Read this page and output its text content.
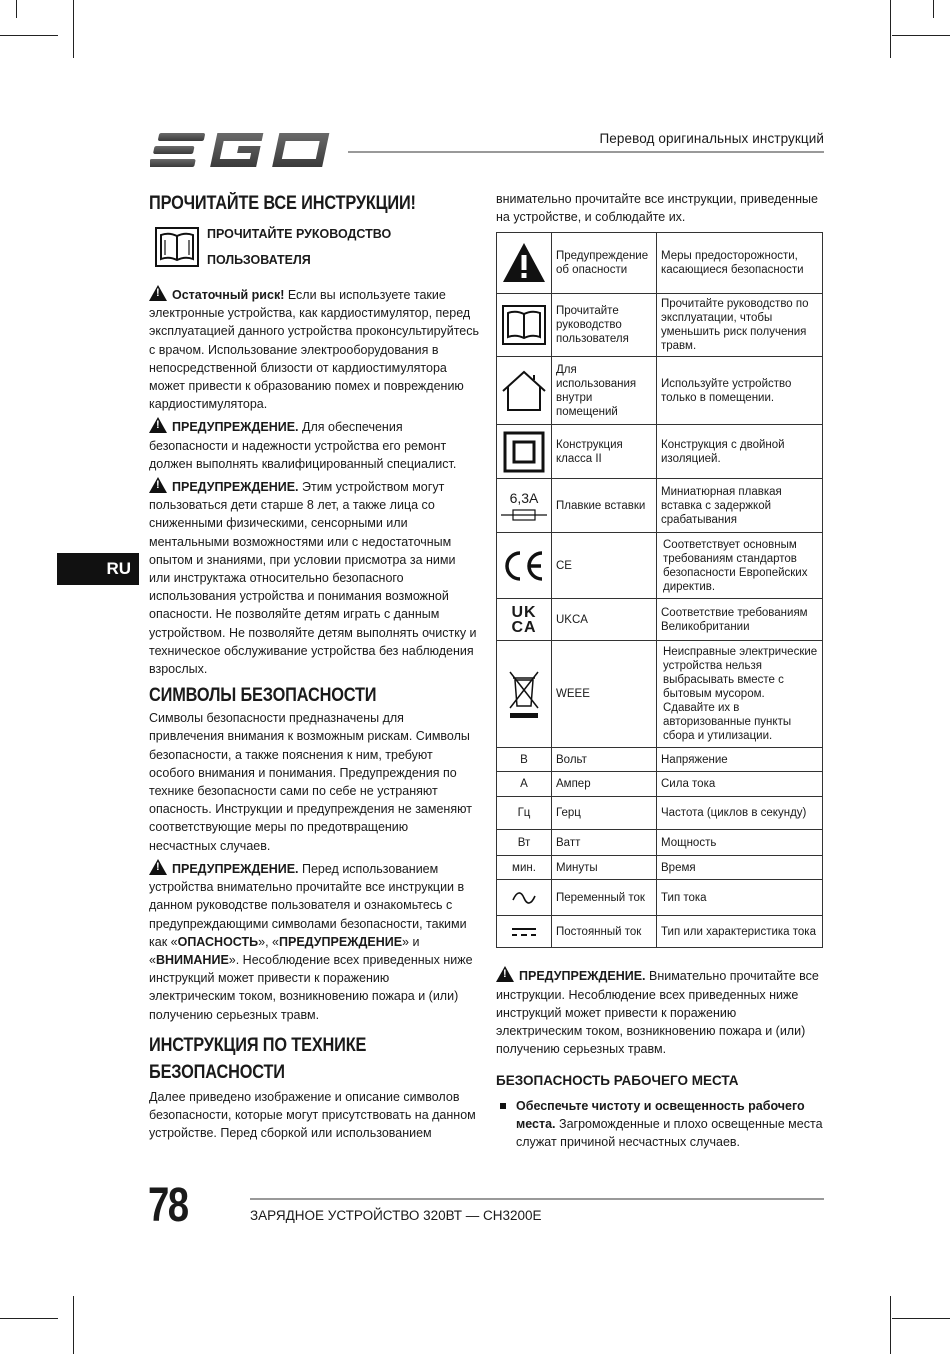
Перевод оригинальных инструкций
RU
ПРОЧИТАЙТЕ ВСЕ ИНСТРУКЦИИ!
ПРОЧИТАЙТЕ РУКОВОДСТВО
ПОЛЬЗОВАТЕЛЯ

!Остаточный риск! Если вы используете такие электронные устройства, как кардиостимулятор, перед эксплуатацией данного устройства проконсультируйтесь с врачом. Использование электрооборудования в непосредственной близости от кардиостимулятора может привести к образованию помех и повреждению кардиостимулятора.

!ПРЕДУПРЕЖДЕНИЕ. Для обеспечения безопасности и надежности устройства его ремонт должен выполнять квалифицированный специалист.

!ПРЕДУПРЕЖДЕНИЕ. Этим устройством могут пользоваться дети старше 8 лет, а также лица со сниженными физическими, сенсорными или ментальными возможностями или с недостаточным опытом и знаниями, при условии присмотра за ними или инструктажа относительно безопасного использования устройства и понимания возможной опасности. Не позволяйте детям играть с данным устройством. Не позволяйте детям выполнять очистку и техническое обслуживание устройства без наблюдения взрослых.

СИМВОЛЫ БЕЗОПАСНОСТИ

Символы безопасности предназначены для привлечения внимания к возможным рискам. Символы безопасности, а также пояснения к ним, требуют особого внимания и понимания. Предупреждения по технике безопасности сами по себе не устраняют опасность. Инструкции и предупреждения не заменяют соответствующие меры по предотвращению несчастных случаев.

!ПРЕДУПРЕЖДЕНИЕ. Перед использованием устройства внимательно прочитайте все инструкции в данном руководстве пользователя и ознакомьтесь с предупреждающими символами безопасности, такими как «ОПАСНОСТЬ», «ПРЕДУПРЕЖДЕНИЕ» и «ВНИМАНИЕ». Несоблюдение всех приведенных ниже инструкций может привести к поражению электрическим током, возникновению пожара и (или) получению серьезных травм.

ИНСТРУКЦИЯ ПО ТЕХНИКЕ
БЕЗОПАСНОСТИ

Далее приведено изображение и описание символов безопасности, которые могут присутствовать на данном устройстве. Перед сборкой или использованием

внимательно прочитайте все инструкции, приведенные на устройстве, и соблюдайте их.

	Предупреждение об опасности	Меры предосторожности, касающиеся безопасности

	Прочитайте руководство пользователя	Прочитайте руководство по эксплуатации, чтобы уменьшить риск получения травм.

	Для использования внутри помещений	Используйте устройство только в помещении.

	Конструкция класса II	Конструкция с двойной изоляцией.

6,3A	Плавкие вставки	Миниатюрная плавкая вставка с задержкой срабатывания

	CE	Соответствует основным требованиям стандартов безопасности Европейских директив.

UK
CA	UKCA	Соответствие требованиям Великобритании

	WEEE	Неисправные электрические устройства нельзя выбрасывать вместе с бытовым мусором. Сдавайте их в авторизованные пункты сбора и утилизации.
В	Вольт	Напряжение
А	Ампер	Сила тока
Гц	Герц	Частота (циклов в секунду)
Вт	Ватт	Мощность
мин.	Минуты	Время

	Переменный ток	Тип тока

	Постоянный ток	Тип или характеристика тока

!ПРЕДУПРЕЖДЕНИЕ. Внимательно прочитайте все инструкции. Несоблюдение всех приведенных ниже инструкций может привести к поражению электрическим током, возникновению пожара и (или) получению серьезных травм.

БЕЗОПАСНОСТЬ РАБОЧЕГО МЕСТА
Обеспечьте чистоту и освещенность рабочего места. Загроможденные и плохо освещенные места служат причиной несчастных случаев.
78	ЗАРЯДНОЕ УСТРОЙСТВО 320ВТ — CH3200E
